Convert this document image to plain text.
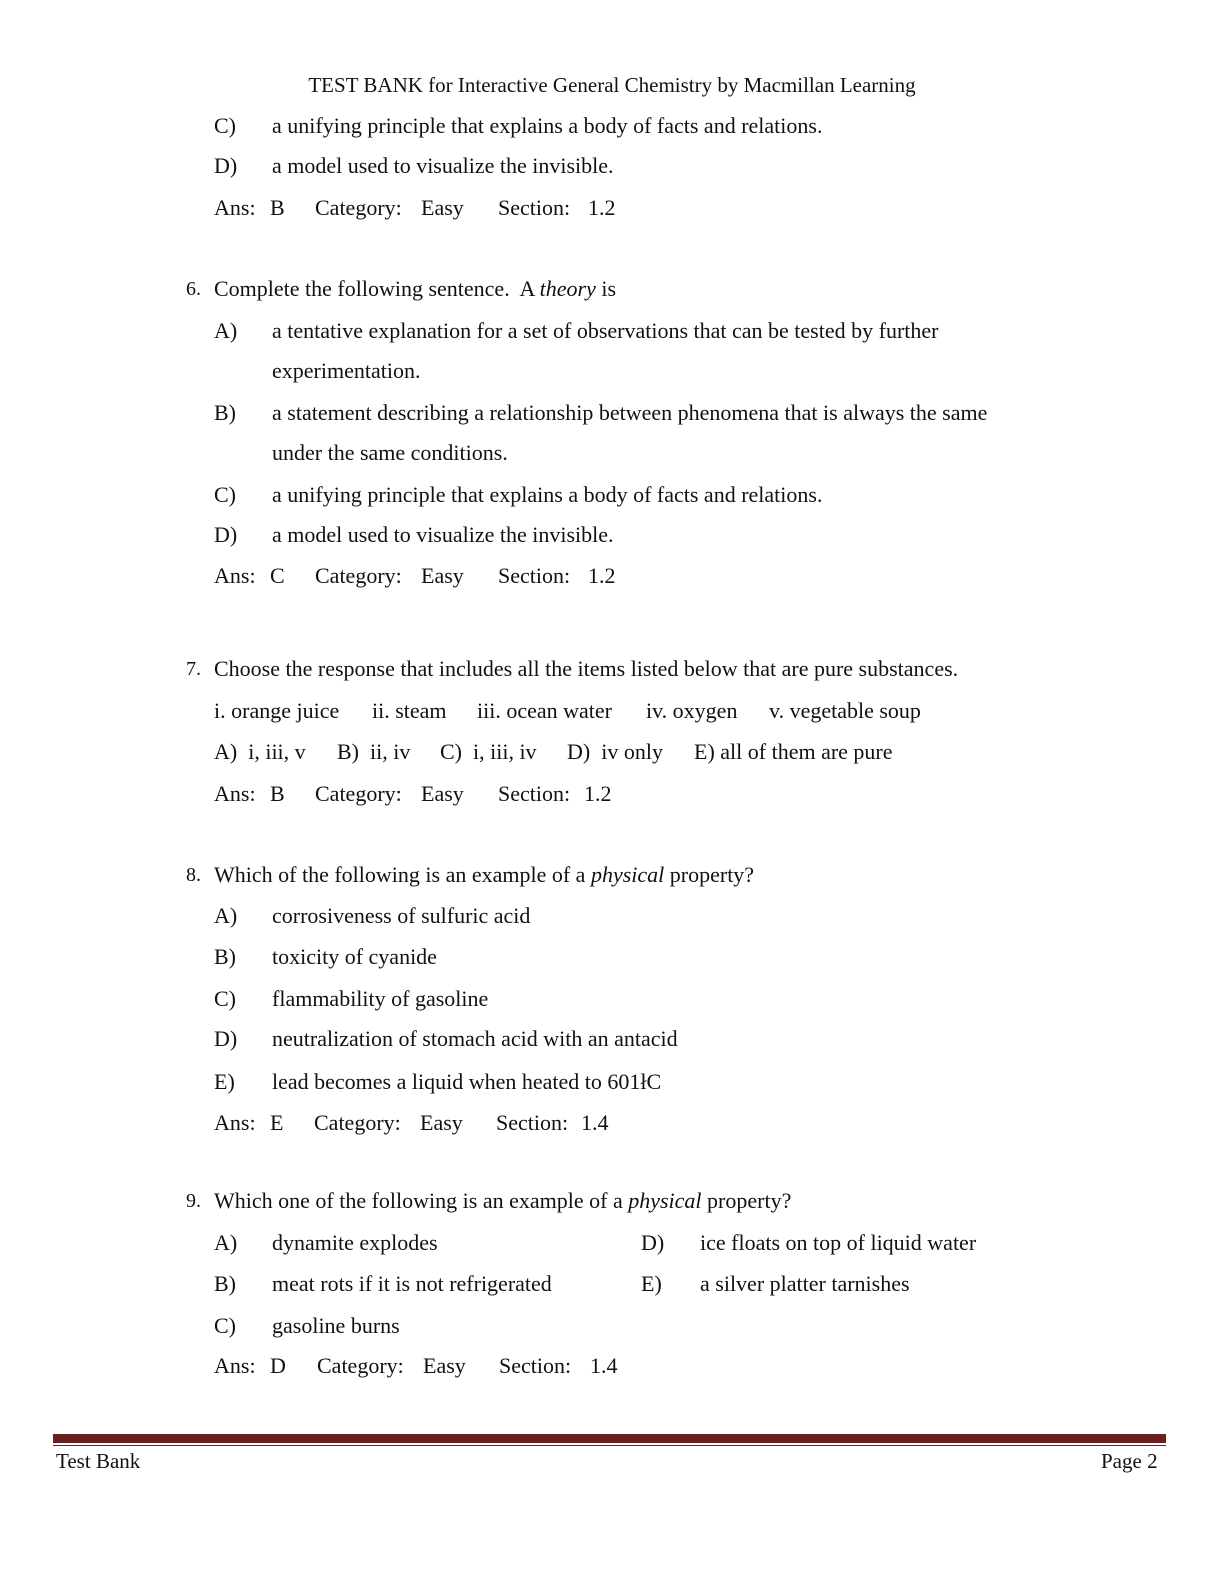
TEST BANK for Interactive General Chemistry by Macmillan Learning
C) a unifying principle that explains a body of facts and relations.
D) a model used to visualize the invisible.
Ans: B Category: Easy Section: 1.2
6. Complete the following sentence.  A theory is
A) a tentative explanation for a set of observations that can be tested by further
experimentation.
B) a statement describing a relationship between phenomena that is always the same
under the same conditions.
C) a unifying principle that explains a body of facts and relations.
D) a model used to visualize the invisible.
Ans: C Category: Easy Section: 1.2
7. Choose the response that includes all the items listed below that are pure substances.
i. orange juice ii. steam iii. ocean water iv. oxygen v. vegetable soup
A)  i, iii, v B)  ii, iv C)  i, iii, iv D)  iv only E) all of them are pure
Ans: B Category: Easy Section: 1.2
8. Which of the following is an example of a physical property?
A) corrosiveness of sulfuric acid
B) toxicity of cyanide
C) flammability of gasoline
D) neutralization of stomach acid with an antacid
E) lead becomes a liquid when heated to 601łC
Ans: E Category: Easy Section: 1.4
9. Which one of the following is an example of a physical property?
A) dynamite explodes
B) meat rots if it is not refrigerated
C) gasoline burns
D) ice floats on top of liquid water
E) a silver platter tarnishes
Ans: D Category: Easy Section: 1.4
Test Bank	Page 2
